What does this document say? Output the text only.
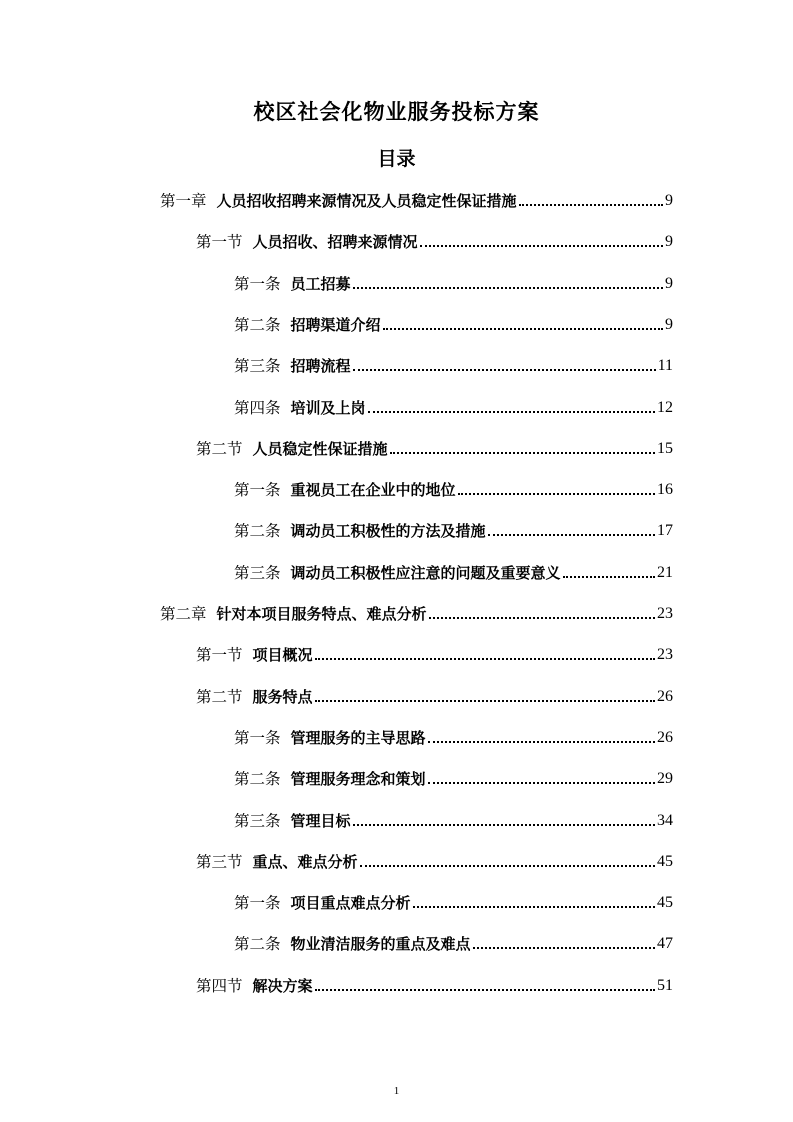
校区社会化物业服务投标方案
目录
第一章 人员招收招聘来源情况及人员稳定性保证措施	9
第一节 人员招收、招聘来源情况	9
第一条 员工招募	9
第二条 招聘渠道介绍	9
第三条 招聘流程	11
第四条 培训及上岗	12
第二节 人员稳定性保证措施	15
第一条 重视员工在企业中的地位	16
第二条 调动员工积极性的方法及措施	17
第三条 调动员工积极性应注意的问题及重要意义	21
第二章 针对本项目服务特点、难点分析	23
第一节 项目概况	23
第二节 服务特点	26
第一条 管理服务的主导思路	26
第二条 管理服务理念和策划	29
第三条 管理目标	34
第三节 重点、难点分析	45
第一条 项目重点难点分析	45
第二条 物业清洁服务的重点及难点	47
第四节 解决方案	51
1
